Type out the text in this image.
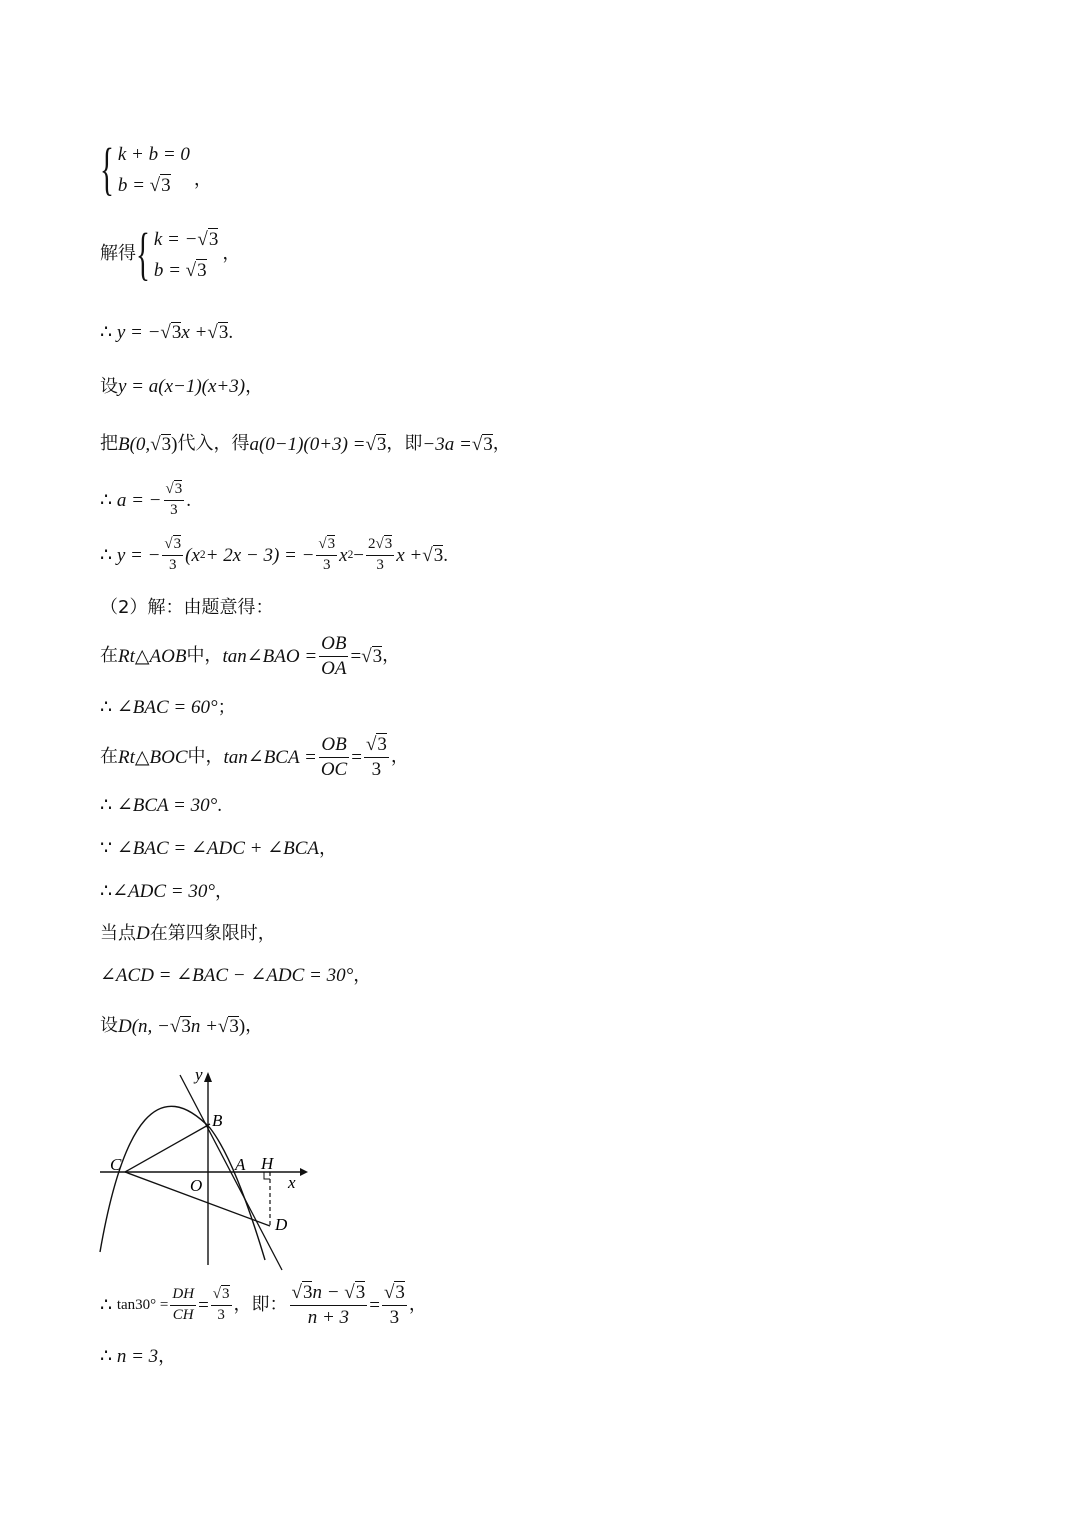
{ k + b = 0
b = √3	，
解得 { k = −√3
b = √3
，
∴
y = − √ 3 x + √ 3 .
设 y = a(x−1)(x+3) ，
把 B(0, √ 3 ) 代入，得 a(0−1)(0+3) = √ 3 ，即 −3a = √ 3 ，
∴
a = − $\frac{√3}{3}$ .
∴
y = − $\frac{√3}{3} (x$ 2 + 2x − 3) = − $\frac{√3}{3}$ x $2 - \frac{2√3}{3}$ x + √ 3 .
（2）解：由题意得：
在 Rt△AOB 中， tan∠BAO = $\frac{OB}{OA}$ = √ 3 ，
∴
∠BAC = 60° ；
在 Rt△BOC 中， tan∠BCA = $\frac{OB}{OC} = \frac{√3}{3}$ ，
∴
∠BCA = 30° .
∵
∠BAC = ∠ADC + ∠BCA ，
∴ ∠ADC = 30° ，
当点 D 在第四象限时，
∠ACD = ∠BAC − ∠ADC = 30° ，
设 D(n, − √ 3 n + √ 3 ) ，
y
B
C	A H
x
O
D
∴
$\tan 30^\circ = \frac{DH}{CH} = \frac{√3}{3}$ ，即： $\frac{√3n - √3}{n + 3} = \frac{√3}{3}$ ，
∴
n = 3 ，
